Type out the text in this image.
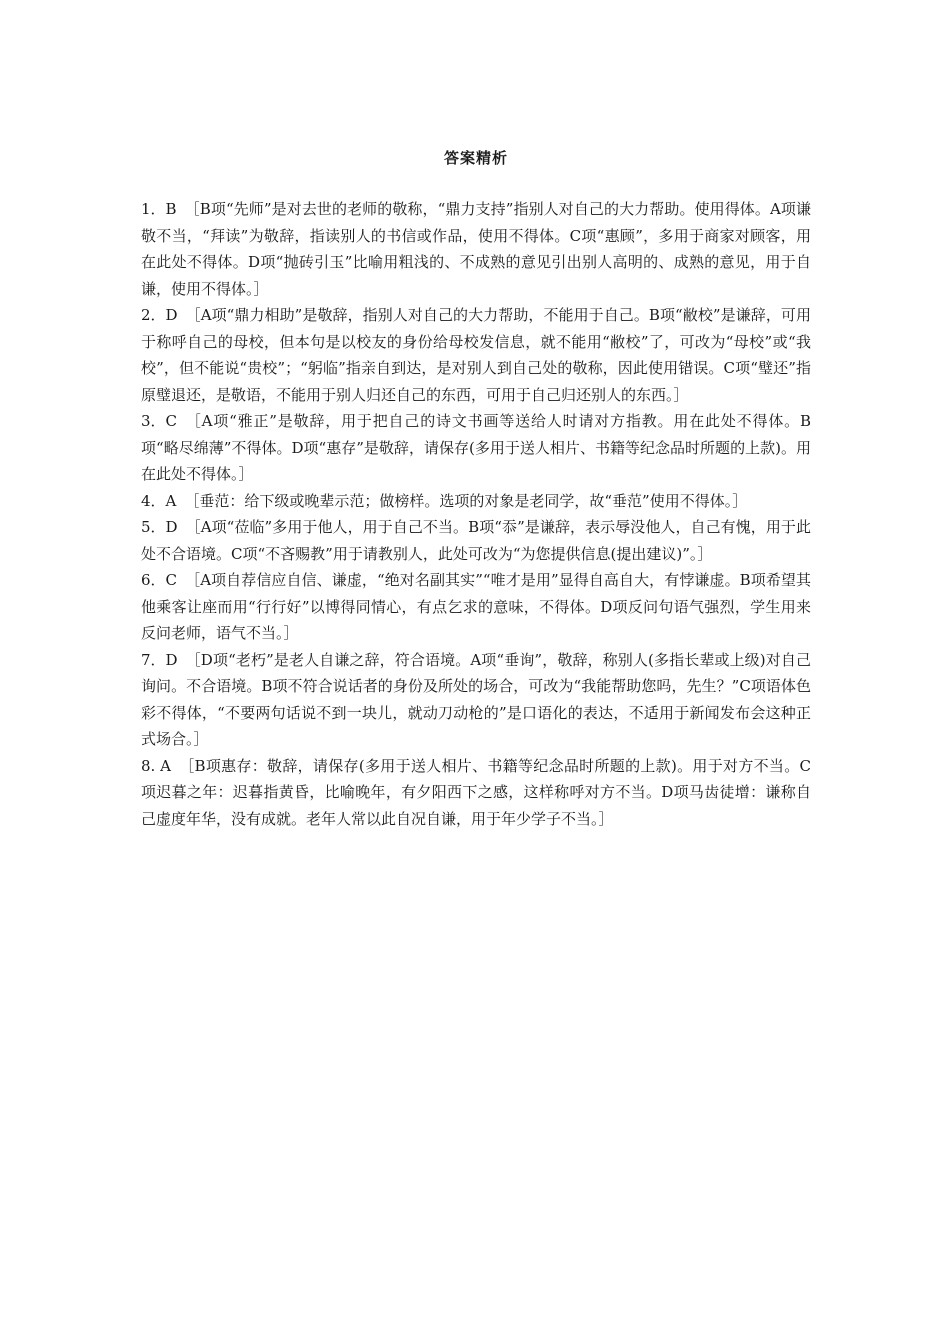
答案精析
1．B ［B项“先师”是对去世的老师的敬称，“鼎力支持”指别人对自己的大力帮助。使用得体。A项谦敬不当，“拜读”为敬辞，指读别人的书信或作品，使用不得体。C项“惠顾”，多用于商家对顾客，用在此处不得体。D项“抛砖引玉”比喻用粗浅的、不成熟的意见引出别人高明的、成熟的意见，用于自谦，使用不得体。］
2．D ［A项“鼎力相助”是敬辞，指别人对自己的大力帮助，不能用于自己。B项“敝校”是谦辞，可用于称呼自己的母校，但本句是以校友的身份给母校发信息，就不能用“敝校”了，可改为“母校”或“我校”，但不能说“贵校”；“躬临”指亲自到达，是对别人到自己处的敬称，因此使用错误。C项“璧还”指原璧退还，是敬语，不能用于别人归还自己的东西，可用于自己归还别人的东西。］
3．C ［A项“雅正”是敬辞，用于把自己的诗文书画等送给人时请对方指教。用在此处不得体。B项“略尽绵薄”不得体。D项“惠存”是敬辞，请保存(多用于送人相片、书籍等纪念品时所题的上款)。用在此处不得体。］
4．A ［垂范：给下级或晚辈示范；做榜样。选项的对象是老同学，故“垂范”使用不得体。］
5．D ［A项“莅临”多用于他人，用于自己不当。B项“忝”是谦辞，表示辱没他人，自己有愧，用于此处不合语境。C项“不吝赐教”用于请教别人，此处可改为“为您提供信息(提出建议)”。］
6．C ［A项自荐信应自信、谦虚，“绝对名副其实”“唯才是用”显得自高自大，有悖谦虚。B项希望其他乘客让座而用“行行好”以博得同情心，有点乞求的意味，不得体。D项反问句语气强烈，学生用来反问老师，语气不当。］
7．D ［D项“老朽”是老人自谦之辞，符合语境。A项“垂询”，敬辞，称别人(多指长辈或上级)对自己询问。不合语境。B项不符合说话者的身份及所处的场合，可改为“我能帮助您吗，先生？”C项语体色彩不得体，“不要两句话说不到一块儿，就动刀动枪的”是口语化的表达，不适用于新闻发布会这种正式场合。］
8. A ［B项惠存：敬辞，请保存(多用于送人相片、书籍等纪念品时所题的上款)。用于对方不当。C项迟暮之年：迟暮指黄昏，比喻晚年，有夕阳西下之感，这样称呼对方不当。D项马齿徒增：谦称自己虚度年华，没有成就。老年人常以此自况自谦，用于年少学子不当。］
